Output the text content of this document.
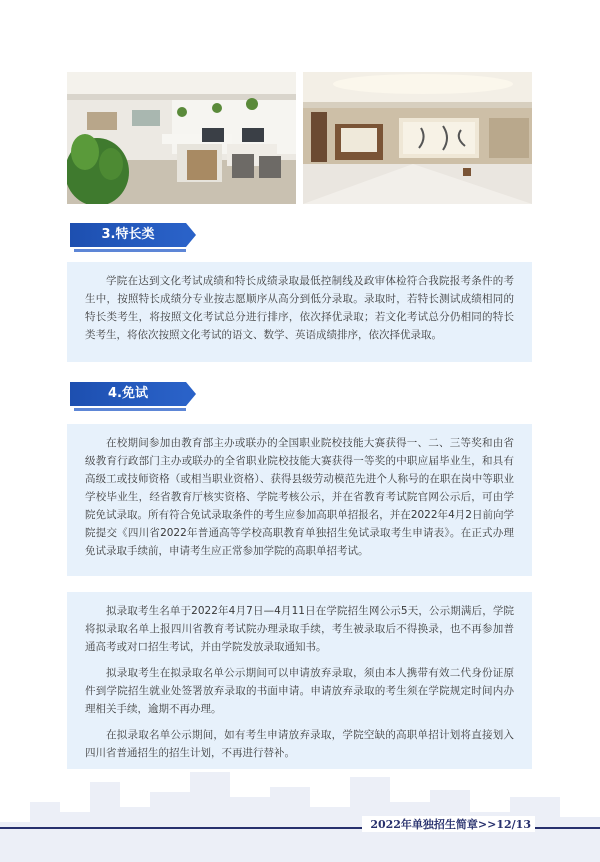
3.特长类

学院在达到文化考试成绩和特长成绩录取最低控制线及政审体检符合我院报考条件的考生中，按照特长成绩分专业按志愿顺序从高分到低分录取。录取时，若特长测试成绩相同的特长类考生，将按照文化考试总分进行排序，依次择优录取；若文化考试总分仍相同的特长类考生，将依次按照文化考试的语文、数学、英语成绩排序，依次择优录取。

4.免试

在校期间参加由教育部主办或联办的全国职业院校技能大赛获得一、二、三等奖和由省级教育行政部门主办或联办的全省职业院校技能大赛获得一等奖的中职应届毕业生，和具有高级工或技师资格（或相当职业资格）、获得县级劳动模范先进个人称号的在职在岗中等职业学校毕业生，经省教育厅核实资格、学院考核公示，并在省教育考试院官网公示后，可由学院免试录取。所有符合免试录取条件的考生应参加高职单招报名，并在2022年4月2日前向学院提交《四川省2022年普通高等学校高职教育单独招生免试录取考生申请表》。在正式办理免试录取手续前，申请考生应正常参加学院的高职单招考试。

拟录取考生名单于2022年4月7日—4月11日在学院招生网公示5天，公示期满后，学院将拟录取名单上报四川省教育考试院办理录取手续，考生被录取后不得换录，也不再参加普通高考或对口招生考试，并由学院发放录取通知书。

拟录取考生在拟录取名单公示期间可以申请放弃录取，须由本人携带有效二代身份证原件到学院招生就业处签署放弃录取的书面申请。申请放弃录取的考生须在学院规定时间内办理相关手续，逾期不再办理。

在拟录取名单公示期间，如有考生申请放弃录取，学院空缺的高职单招计划将直接划入四川省普通招生的招生计划，不再进行替补。

2022年单独招生简章>>12/13
